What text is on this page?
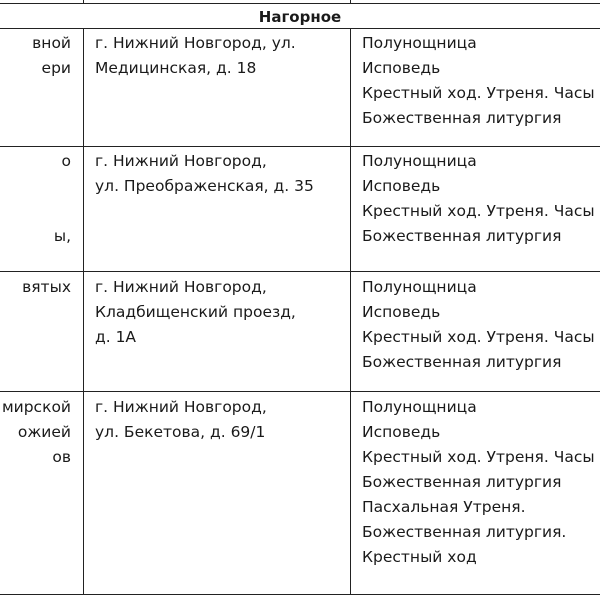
Нагорное
вной
ери
г. Нижний Новгород, ул.
Медицинская, д. 18
Полунощница
Исповедь
Крестный ход. Утреня. Часы
Божественная литургия
о
ы,
г. Нижний Новгород,
ул. Преображенская, д. 35
Полунощница
Исповедь
Крестный ход. Утреня. Часы
Божественная литургия
вятых г. Нижний Новгород,
Кладбищенский проезд,
д. 1А
Полунощница
Исповедь
Крестный ход. Утреня. Часы
Божественная литургия
мирской
ожией
ов
г. Нижний Новгород,
ул. Бекетова, д. 69/1
Полунощница
Исповедь
Крестный ход. Утреня. Часы
Божественная литургия
Пасхальная Утреня.
Божественная литургия.
Крестный ход
